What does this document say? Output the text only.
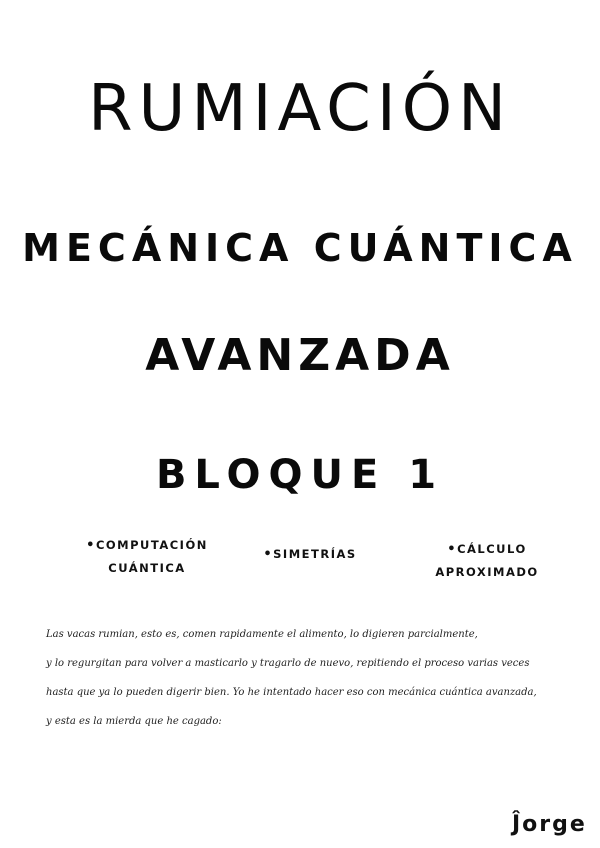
RUMIACIÓN
MECÁNICA CUÁNTICA
AVANZADA
BLOQUE 1
•COMPUTACIÓN
CUÁNTICA
•SIMETRÍAS	•CÁLCULO
APROXIMADO
Las vacas rumian, esto es, comen rapidamente el alimento, lo digieren parcialmente,
y lo regurgitan para volver a masticarlo y tragarlo de nuevo, repitiendo el proceso varias veces
hasta que ya lo pueden digerir bien. Yo he intentado hacer eso con mecánica cuántica avanzada,
y esta es la mierda que he cagado:
Ĵorge
